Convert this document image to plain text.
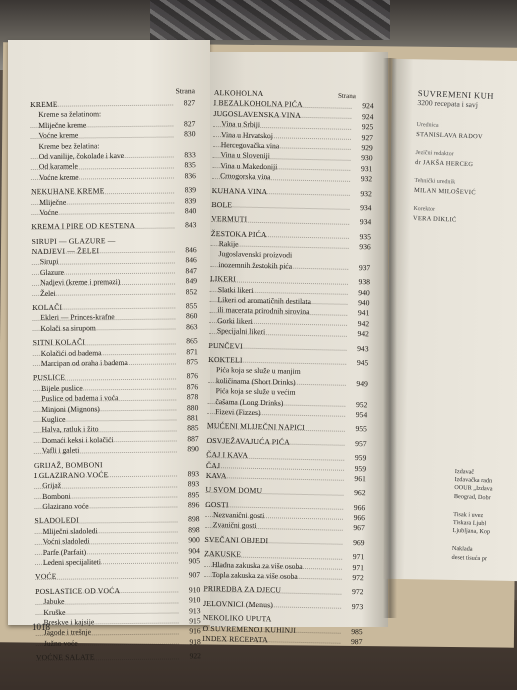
Strana
KREME	827
Kreme sa želatinom:
Mliječne kreme	827
Voćne kreme	830
Kreme bez želatina:
Od vanilije, čokolade i kave	833
Od karamele	835
Voćne kreme	836
NEKUHANE KREME	839
Mliječne	839
Voćne	840
KREMA I PIRE OD KESTENA	843
SIRUPI — GLAZURE —
NADJEVI — ŽELEI	846
Sirupi	846
Glazure	847
Nadjevi (kreme i premazi)	849
Želei	852
KOLAČI	855
Ekleri — Princes-krafne	860
Kolači sa sirupom	863
SITNI KOLAČI	865
Kolačići od badema	871
Marcipan od oraha i badema	875
PUSLICE	876
Bijele puslice	876
Puslice od badema i voća	878
Minjoni (Mignons)	880
Kuglice	881
Halva, ratluk i žito	885
Domaći keksi i kolačići	887
Vafli i galeti	890
GRIJAŽ, BOMBONI
I GLAZIRANO VOĆE	893
Grijaž	893
Bomboni	895
Glazirano voće	896
SLADOLEDI	898
Mliječni sladoledi	898
Voćni sladoledi	900
Parfe (Parfait)	904
Ledeni specijaliteti	905
VOĆE	907
POSLASTICE OD VOĆA	910
Jabuke	910
Kruške	913
Breskve i kajsije	915
Jagode i trešnje	916
Južno voće	918
VOĆNE SALATE	922
ALKOHOLNA
I BEZALKOHOLNA PIĆA	924
JUGOSLAVENSKA VINA	924
Vina u Srbiji	925
Vina u Hrvatskoj	927
Hercegovačka vina	929
Vina u Sloveniji	930
Vina u Makedoniji	931
Crnogorska vina	932
KUHANA VINA	932
BOLE	934
VERMUTI	934
ŽESTOKA PIĆA	935
Rakije	936
Jugoslavenski proizvodi
inozemnih žestokih pića	937
LIKERI	938
Slatki likeri	940
Likeri od aromatičnih destilata	940
ili macerata prirodnih sirovina	941
Gorki likeri	942
Specijalni likeri	942
PUNČEVI	943
KOKTELI	945
Pića koja se služe u manjim
količinama (Short Drinks)	949
Pića koja se služe u većim
čašama (Long Drinks)	952
Fizevi (Fizzes)	954
MUĆENI MLIJEČNI NAPICI	955
OSVJEŽAVAJUĆA PIĆA	957
ČAJ I KAVA	959
ČAJ	959
KAVA	961
U SVOM DOMU	962
GOSTI	966
Nezvaniĉni gosti	966
Zvanični gosti	967
SVEČANI OBJEDI	969
ZAKUSKE	971
Hladna zakuska za više osoba	971
Topla zakuska za više osoba	972
PRIREDBA ZA DJECU	972
JELOVNICI (Menus)	973
NEKOLIKO UPUTA
O SUVREMENOJ KUHINJI	985
INDEX RECEPATA	987
Strana
1018
SUVREMENI KUH
3200 recepata i savj
Urednica
STANISLAVA RADOV
Jezični redaktor
dr JAKŠA HERCEG
Tehnički urednik
MILAN MILOŠEVIĆ
Korektor
VERA DIKLIĆ
Izdavač
Izdavačka radn
OOUR „Izdava
Beograd, Dobr
Tisak i uvez
Tiskara Ljubl
Ljubljana, Kop
Naklada
deset tisuća pr
